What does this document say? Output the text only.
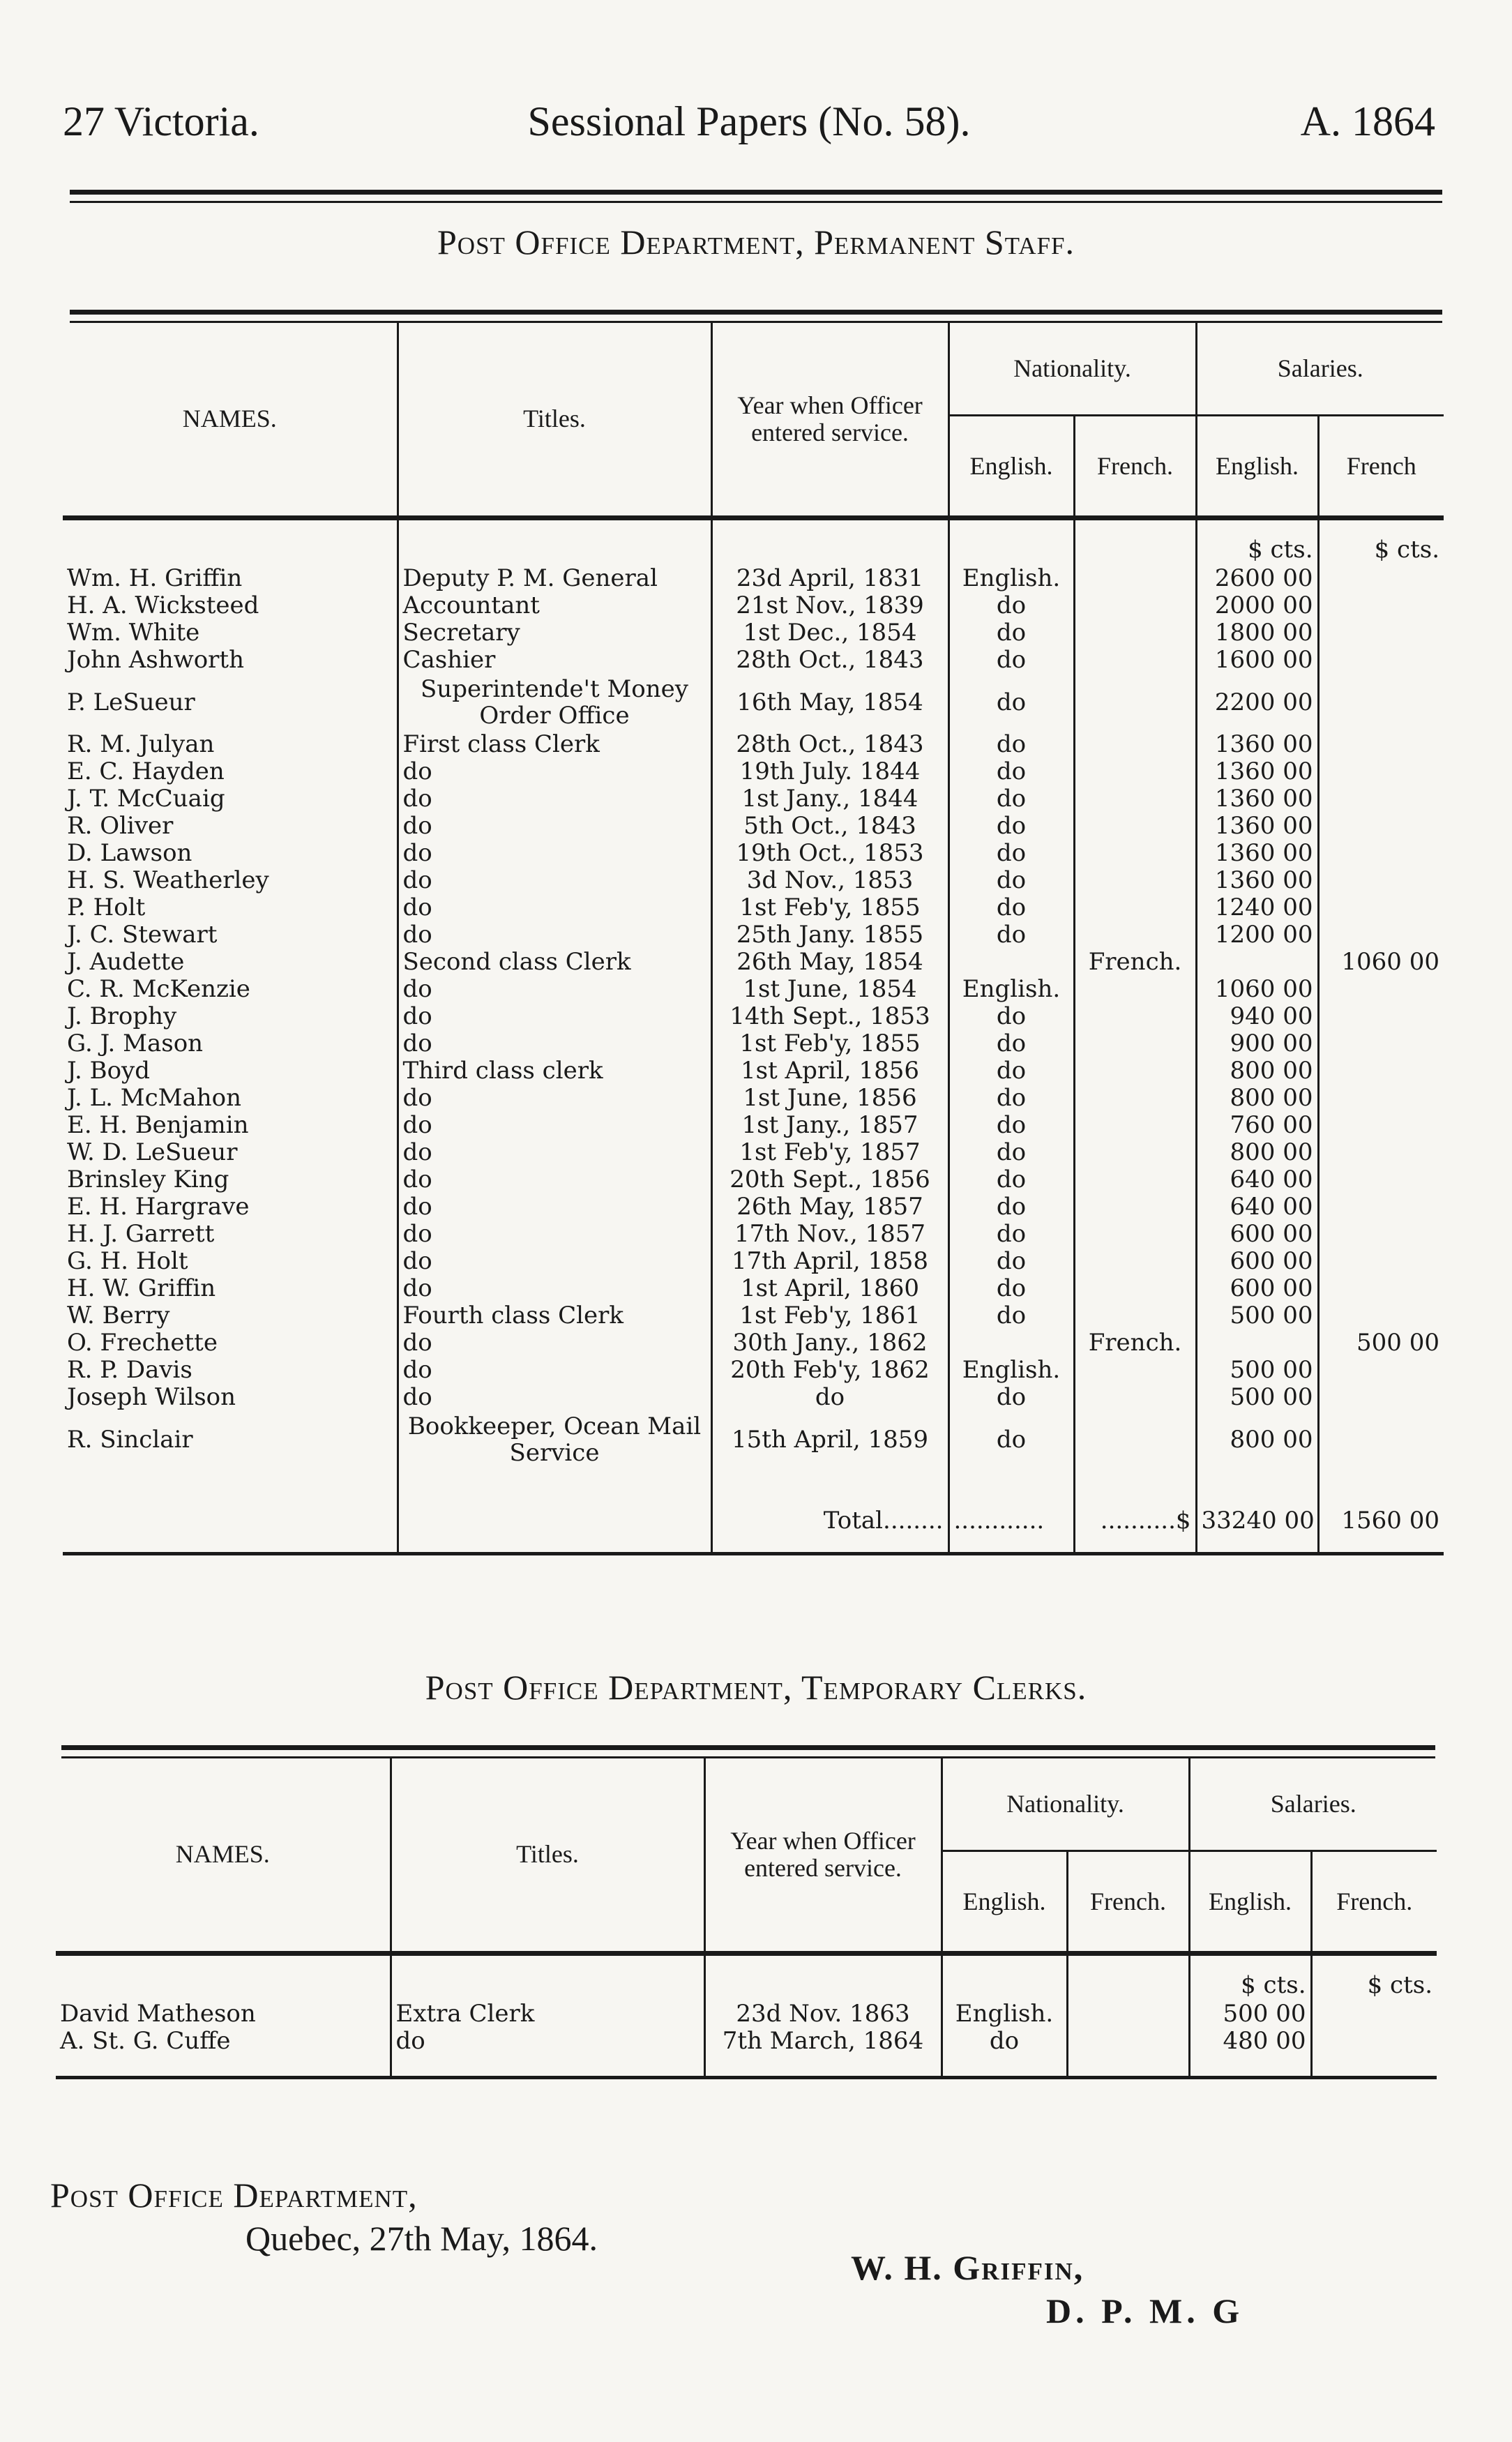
27 Victoria.	Sessional Papers (No. 58).	A. 1864
Post Office Department, Permanent Staff.
NAMES.	Titles.	Year when Officer entered service.	Nationality.		Salaries.	
			English.	French.	English.	French
					$ cts.	$ cts.
Wm. H. Griffin	Deputy P. M. General	23d April, 1831	English.		2600 00	
H. A. Wicksteed	Accountant	21st Nov., 1839	do		2000 00	
Wm. White	Secretary	1st Dec., 1854	do		1800 00	
John Ashworth	Cashier	28th Oct., 1843	do		1600 00	
P. LeSueur	Superintende't Money Order Office	16th May, 1854	do		2200 00	
R. M. Julyan	First class Clerk	28th Oct., 1843	do		1360 00	
E. C. Hayden	do	19th July. 1844	do		1360 00	
J. T. McCuaig	do	1st Jany., 1844	do		1360 00	
R. Oliver	do	5th Oct., 1843	do		1360 00	
D. Lawson	do	19th Oct., 1853	do		1360 00	
H. S. Weatherley	do	3d Nov., 1853	do		1360 00	
P. Holt	do	1st Feb'y, 1855	do		1240 00	
J. C. Stewart	do	25th Jany. 1855	do		1200 00	
J. Audette	Second class Clerk	26th May, 1854		French.		1060 00
C. R. McKenzie	do	1st June, 1854	English.		1060 00	
J. Brophy	do	14th Sept., 1853	do		940 00	
G. J. Mason	do	1st Feb'y, 1855	do		900 00	
J. Boyd	Third class clerk	1st April, 1856	do		800 00	
J. L. McMahon	do	1st June, 1856	do		800 00	
E. H. Benjamin	do	1st Jany., 1857	do		760 00	
W. D. LeSueur	do	1st Feb'y, 1857	do		800 00	
Brinsley King	do	20th Sept., 1856	do		640 00	
E. H. Hargrave	do	26th May, 1857	do		640 00	
H. J. Garrett	do	17th Nov., 1857	do		600 00	
G. H. Holt	do	17th April, 1858	do		600 00	
H. W. Griffin	do	1st April, 1860	do		600 00	
W. Berry	Fourth class Clerk	1st Feb'y, 1861	do		500 00	
O. Frechette	do	30th Jany., 1862		French.		500 00
R. P. Davis	do	20th Feb'y, 1862	English.		500 00	
Joseph Wilson	do	do	do		500 00	
R. Sinclair	Bookkeeper, Ocean Mail Service	15th April, 1859	do		800 00	

		Total........	............	..........$	33240 00	1560 00

Post Office Department, Temporary Clerks.
NAMES.	Titles.	Year when Officer entered service.	Nationality.		Salaries.	
			English.	French.	English.	French.
					$ cts.	$ cts.
David Matheson	Extra Clerk	23d Nov. 1863	English.		500 00	
A. St. G. Cuffe	do	7th March, 1864	do		480 00	

Post Office Department,
Quebec, 27th May, 1864.
W. H. Griffin,
D. P. M. G
